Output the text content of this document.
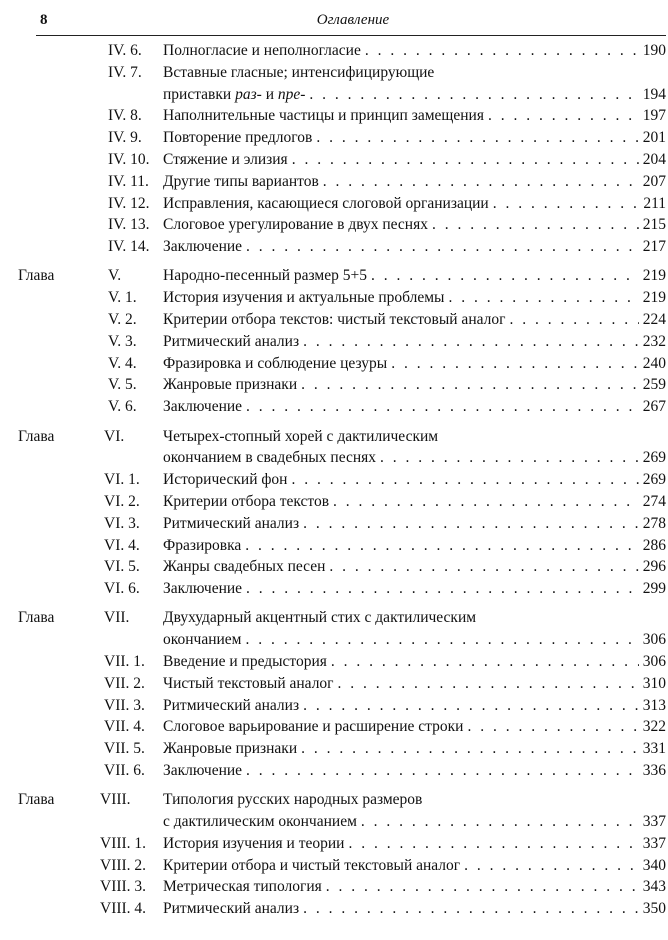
8	Оглавление
IV. 6. Полногласие и неполногласие . . .	190
IV. 7. Вставные гласные; интенсифицирующие
приставки раз- и пре- . . .	194
IV. 8. Наполнительные частицы и принцип замещения . . .	197
IV. 9. Повторение предлогов . . .	201
IV. 10. Стяжение и элизия . . .	204
IV. 11. Другие типы вариантов . . .	207
IV. 12. Исправления, касающиеся слоговой организации . . .	211
IV. 13. Слоговое урегулирование в двух песнях . . .	215
IV. 14. Заключение . . .	217
Глава	V.	Народно-песенный размер 5+5 . . .	219
V. 1. История изучения и актуальные проблемы . . .	219
V. 2. Критерии отбора текстов: чистый текстовый аналог . . .	224
V. 3. Ритмический анализ . . .	232
V. 4. Фразировка и соблюдение цезуры . . .	240
V. 5. Жанровые признаки . . .	259
V. 6. Заключение . . .	267
Глава	VI.	Четырех-стопный хорей с дактилическим
окончанием в свадебных песнях . . .	269
VI. 1. Исторический фон . . .	269
VI. 2. Критерии отбора текстов . . .	274
VI. 3. Ритмический анализ . . .	278
VI. 4. Фразировка . . .	286
VI. 5. Жанры свадебных песен . . .	296
VI. 6. Заключение . . .	299
Глава	VII. Двухударный акцентный стих с дактилическим
окончанием . . .	306
VII. 1. Введение и предыстория . . .	306
VII. 2. Чистый текстовый аналог . . .	310
VII. 3. Ритмический анализ . . .	313
VII. 4. Слоговое варьирование и расширение строки . . .	322
VII. 5. Жанровые признаки . . .	331
VII. 6. Заключение . . .	336
Глава	VIII. Типология русских народных размеров
с дактилическим окончанием . . .	337
VIII. 1. История изучения и теории . . .	337
VIII. 2. Критерии отбора и чистый текстовый аналог . . .	340
VIII. 3. Метрическая типология . . .	343
VIII. 4. Ритмический анализ . . .	350
